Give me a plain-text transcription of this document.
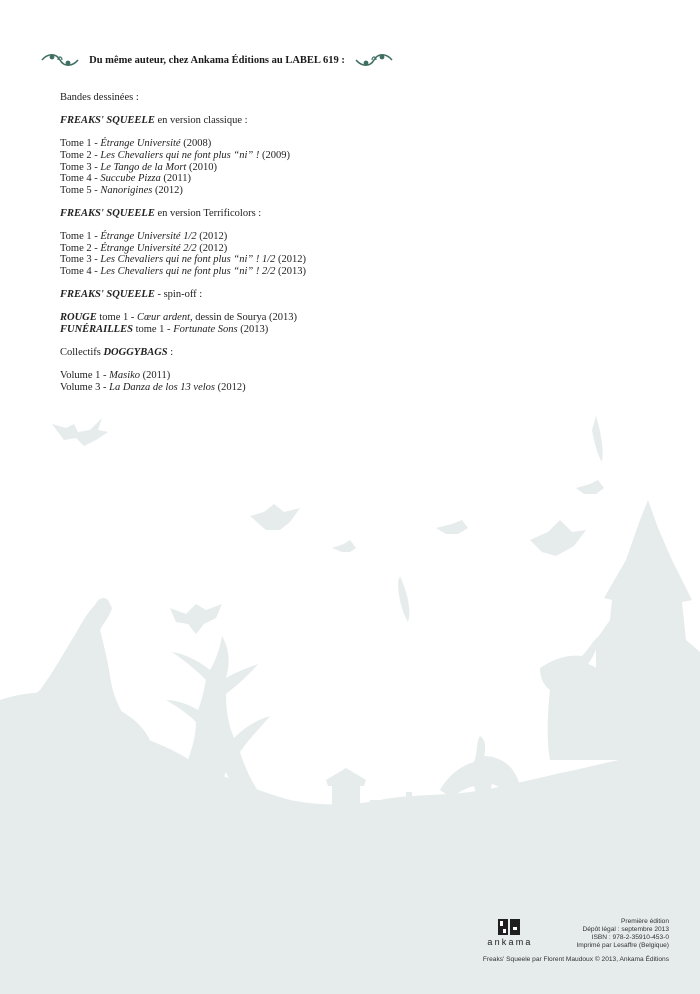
Du même auteur, chez Ankama Éditions au LABEL 619 :

Bandes dessinées :

FREAKS' SQUEELE en version classique :

Tome 1 - Étrange Université (2008)

Tome 2 - Les Chevaliers qui ne font plus “ni” ! (2009)

Tome 3 - Le Tango de la Mort (2010)

Tome 4 - Succube Pizza (2011)

Tome 5 - Nanorigines (2012)

FREAKS' SQUEELE en version Terrificolors :

Tome 1 - Étrange Université 1/2 (2012)

Tome 2 - Étrange Université 2/2 (2012)

Tome 3 - Les Chevaliers qui ne font plus “ni” ! 1/2 (2012)

Tome 4 - Les Chevaliers qui ne font plus “ni” ! 2/2 (2013)

FREAKS' SQUEELE - spin-off :

ROUGE tome 1 - Cœur ardent, dessin de Sourya (2013)

FUNÉRAILLES tome 1 - Fortunate Sons (2013)

Collectifs DOGGYBAGS :

Volume 1 - Masiko (2011)

Volume 3 - La Danza de los 13 velos (2012)

ankama
Première édition
Dépôt légal : septembre 2013
ISBN : 978-2-35910-453-0
Imprimé par Lesaffre (Belgique)
Freaks' Squeele par Florent Maudoux © 2013, Ankama Éditions
